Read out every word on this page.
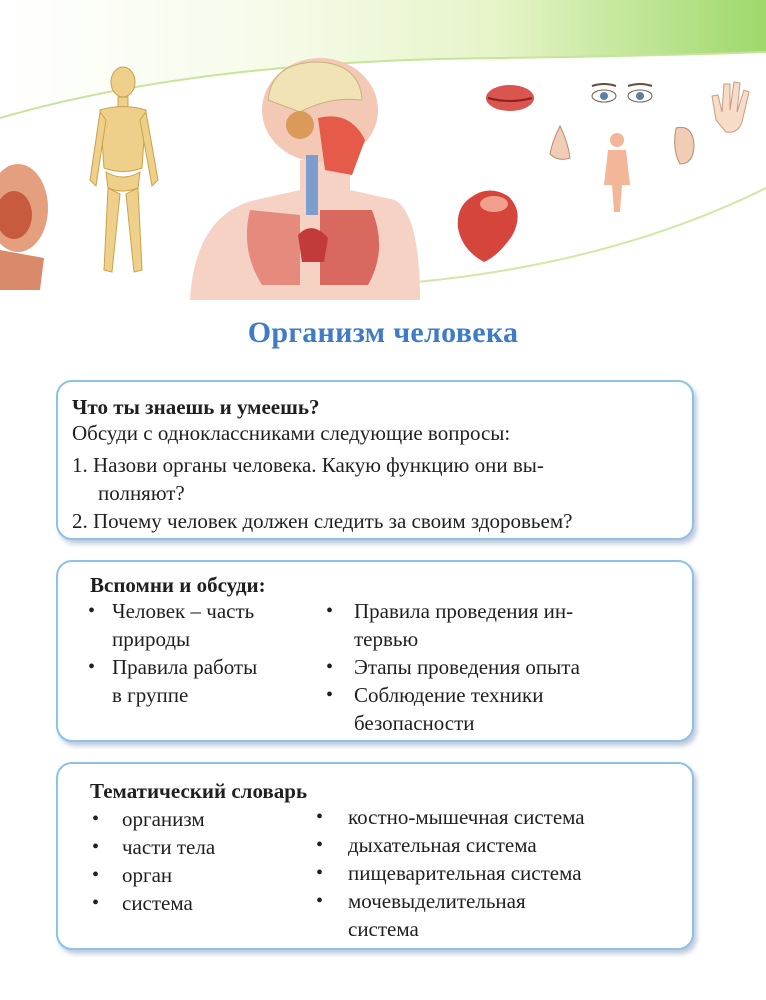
Организм человека
Что ты знаешь и умеешь?
Обсуди с одноклассниками следующие вопросы:
1. Назови органы человека. Какую функцию они вы-
полняют?
2. Почему человек должен следить за своим здоровьем?
Вспомни и обсуди:
• Человек – часть
природы
• Правила работы
в группе
• Правила проведения ин-
тервью
• Этапы проведения опыта
• Соблюдение техники
безопасности
Тематический словарь
• организм
• части тела
• орган
• система
• костно-мышечная система
• дыхательная система
• пищеварительная система
• мочевыделительная
система
